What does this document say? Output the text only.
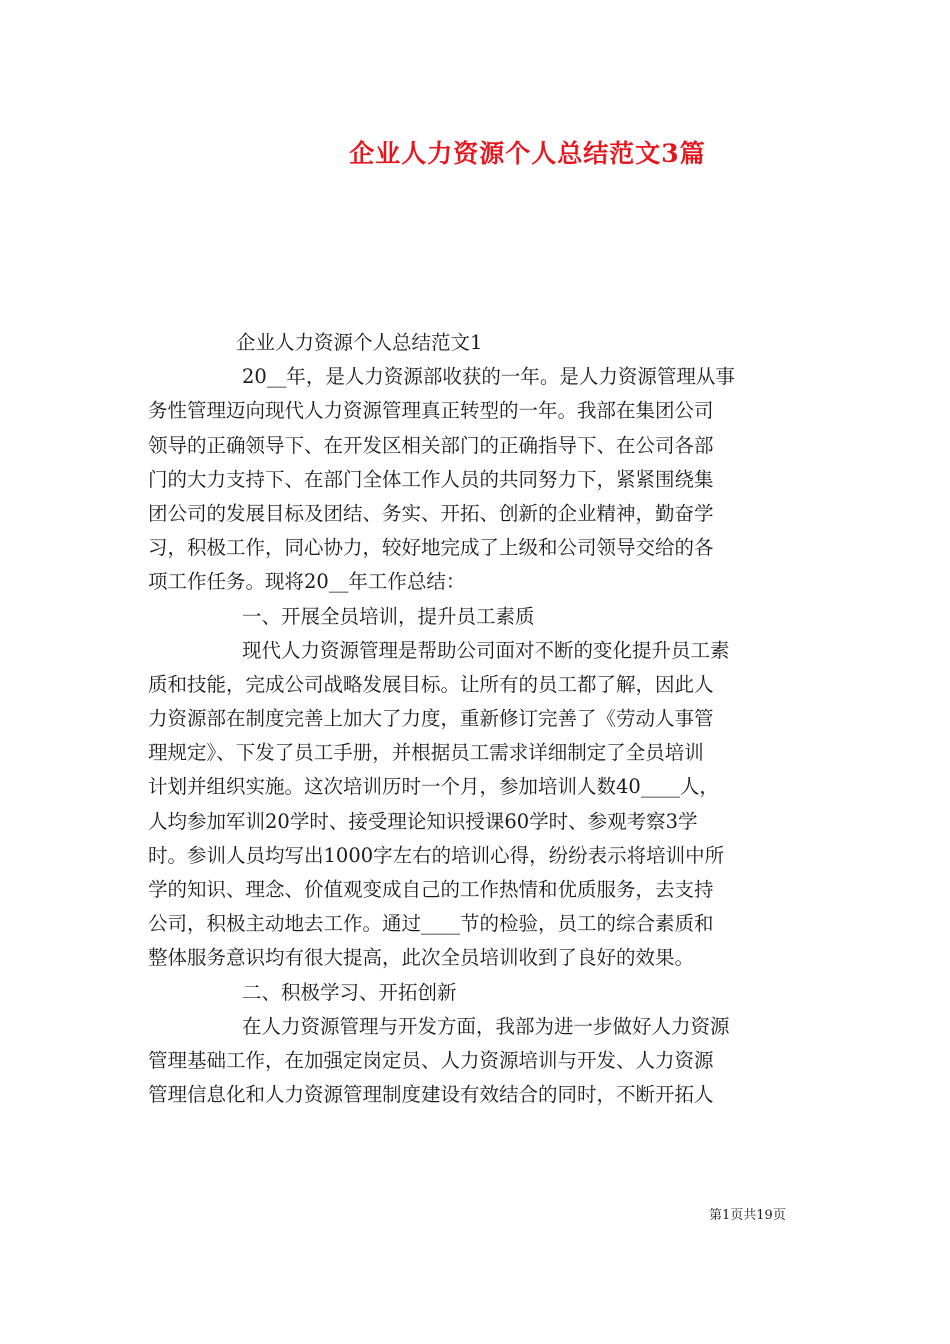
企业人力资源个人总结范文3篇
企业人力资源个人总结范文1
20__年，是人力资源部收获的一年。是人力资源管理从事
务性管理迈向现代人力资源管理真正转型的一年。我部在集团公司
领导的正确领导下、在开发区相关部门的正确指导下、在公司各部
门的大力支持下、在部门全体工作人员的共同努力下，紧紧围绕集
团公司的发展目标及团结、务实、开拓、创新的企业精神，勤奋学
习，积极工作，同心协力，较好地完成了上级和公司领导交给的各
项工作任务。现将20__年工作总结：
一、开展全员培训，提升员工素质
现代人力资源管理是帮助公司面对不断的变化提升员工素
质和技能，完成公司战略发展目标。让所有的员工都了解，因此人
力资源部在制度完善上加大了力度，重新修订完善了《劳动人事管
理规定》、下发了员工手册，并根据员工需求详细制定了全员培训
计划并组织实施。这次培训历时一个月，参加培训人数40____人，
人均参加军训20学时、接受理论知识授课60学时、参观考察3学
时。参训人员均写出1000字左右的培训心得，纷纷表示将培训中所
学的知识、理念、价值观变成自己的工作热情和优质服务，去支持
公司，积极主动地去工作。通过____节的检验，员工的综合素质和
整体服务意识均有很大提高，此次全员培训收到了良好的效果。
二、积极学习、开拓创新
在人力资源管理与开发方面，我部为进一步做好人力资源
管理基础工作，在加强定岗定员、人力资源培训与开发、人力资源
管理信息化和人力资源管理制度建设有效结合的同时，不断开拓人
第1页共19页
